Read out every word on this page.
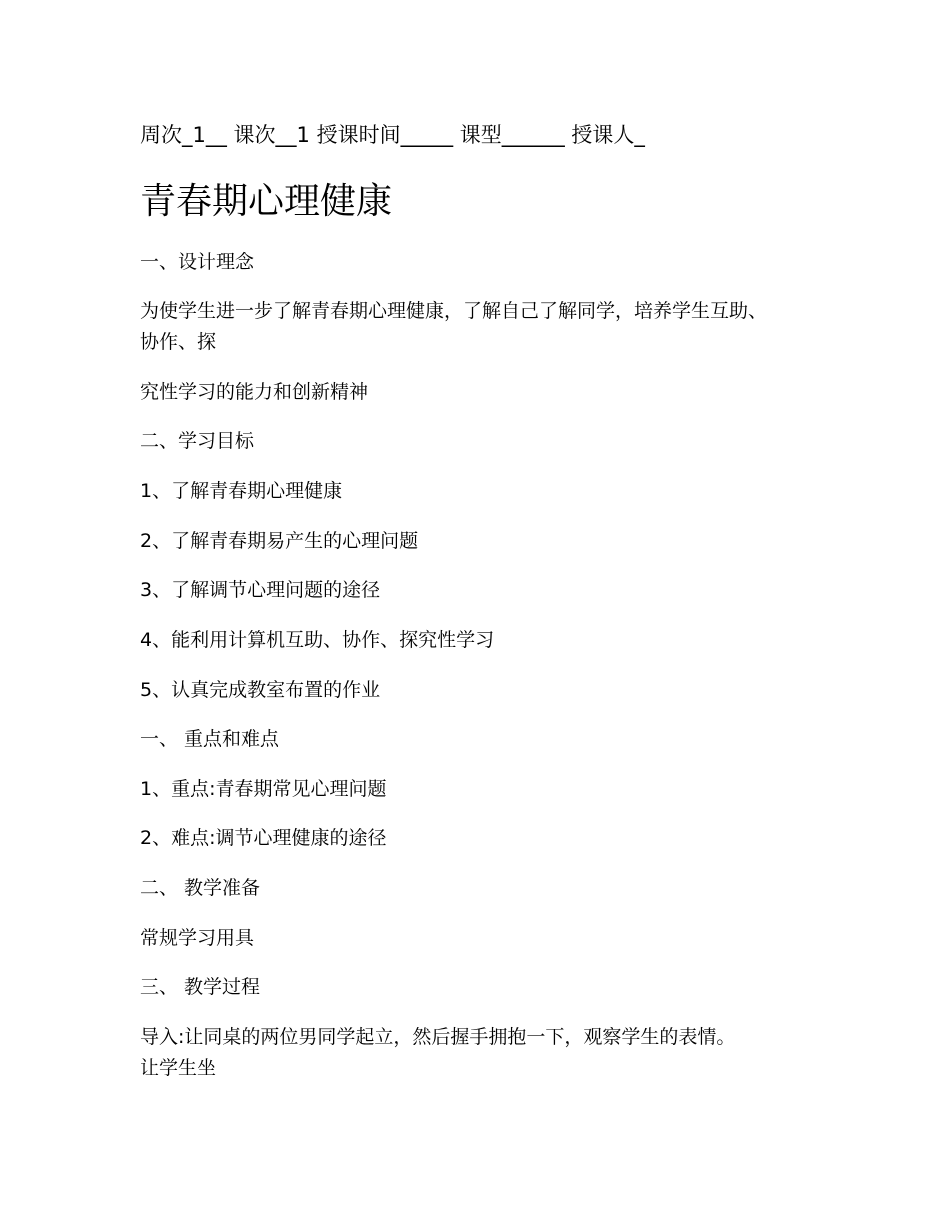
周次_1__ 课次__1 授课时间_____ 课型______ 授课人_
青春期心理健康
一、设计理念
为使学生进一步了解青春期心理健康，了解自己了解同学，培养学生互助、
协作、探
究性学习的能力和创新精神
二、学习目标
1、了解青春期心理健康
2、了解青春期易产生的心理问题
3、了解调节心理问题的途径
4、能利用计算机互助、协作、探究性学习
5、认真完成教室布置的作业
一、 重点和难点
1、重点:青春期常见心理问题
2、难点:调节心理健康的途径
二、 教学准备
常规学习用具
三、 教学过程
导入:让同桌的两位男同学起立，然后握手拥抱一下，观察学生的表情。
让学生坐
